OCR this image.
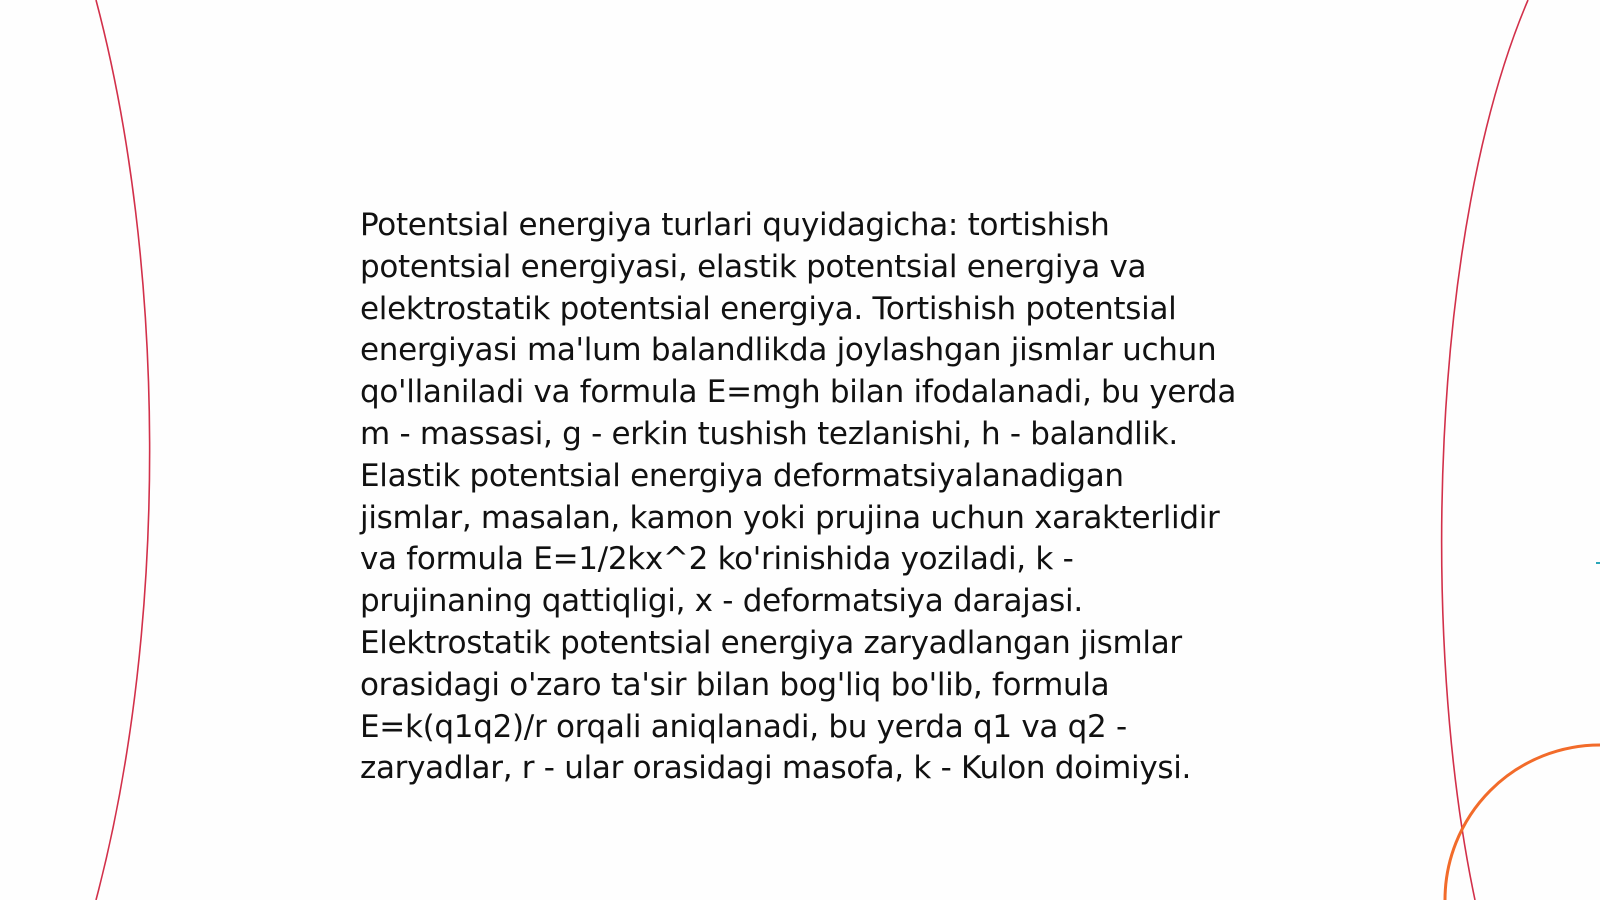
Potentsial energiya turlari quyidagicha: tortishish potentsial energiyasi, elastik potentsial energiya va elektrostatik potentsial energiya. Tortishish potentsial energiyasi ma'lum balandlikda joylashgan jismlar uchun qo'llaniladi va formula E=mgh bilan ifodalanadi, bu yerda m - massasi, g - erkin tushish tezlanishi, h - balandlik. Elastik potentsial energiya deformatsiyalanadigan jismlar, masalan, kamon yoki prujina uchun xarakterlidir va formula E=1/2kx^2 ko'rinishida yoziladi, k - prujinaning qattiqligi, x - deformatsiya darajasi. Elektrostatik potentsial energiya zaryadlangan jismlar orasidagi o'zaro ta'sir bilan bog'liq bo'lib, formula E=k(q1q2)/r orqali aniqlanadi, bu yerda q1 va q2 - zaryadlar, r - ular orasidagi masofa, k - Kulon doimiysi.
